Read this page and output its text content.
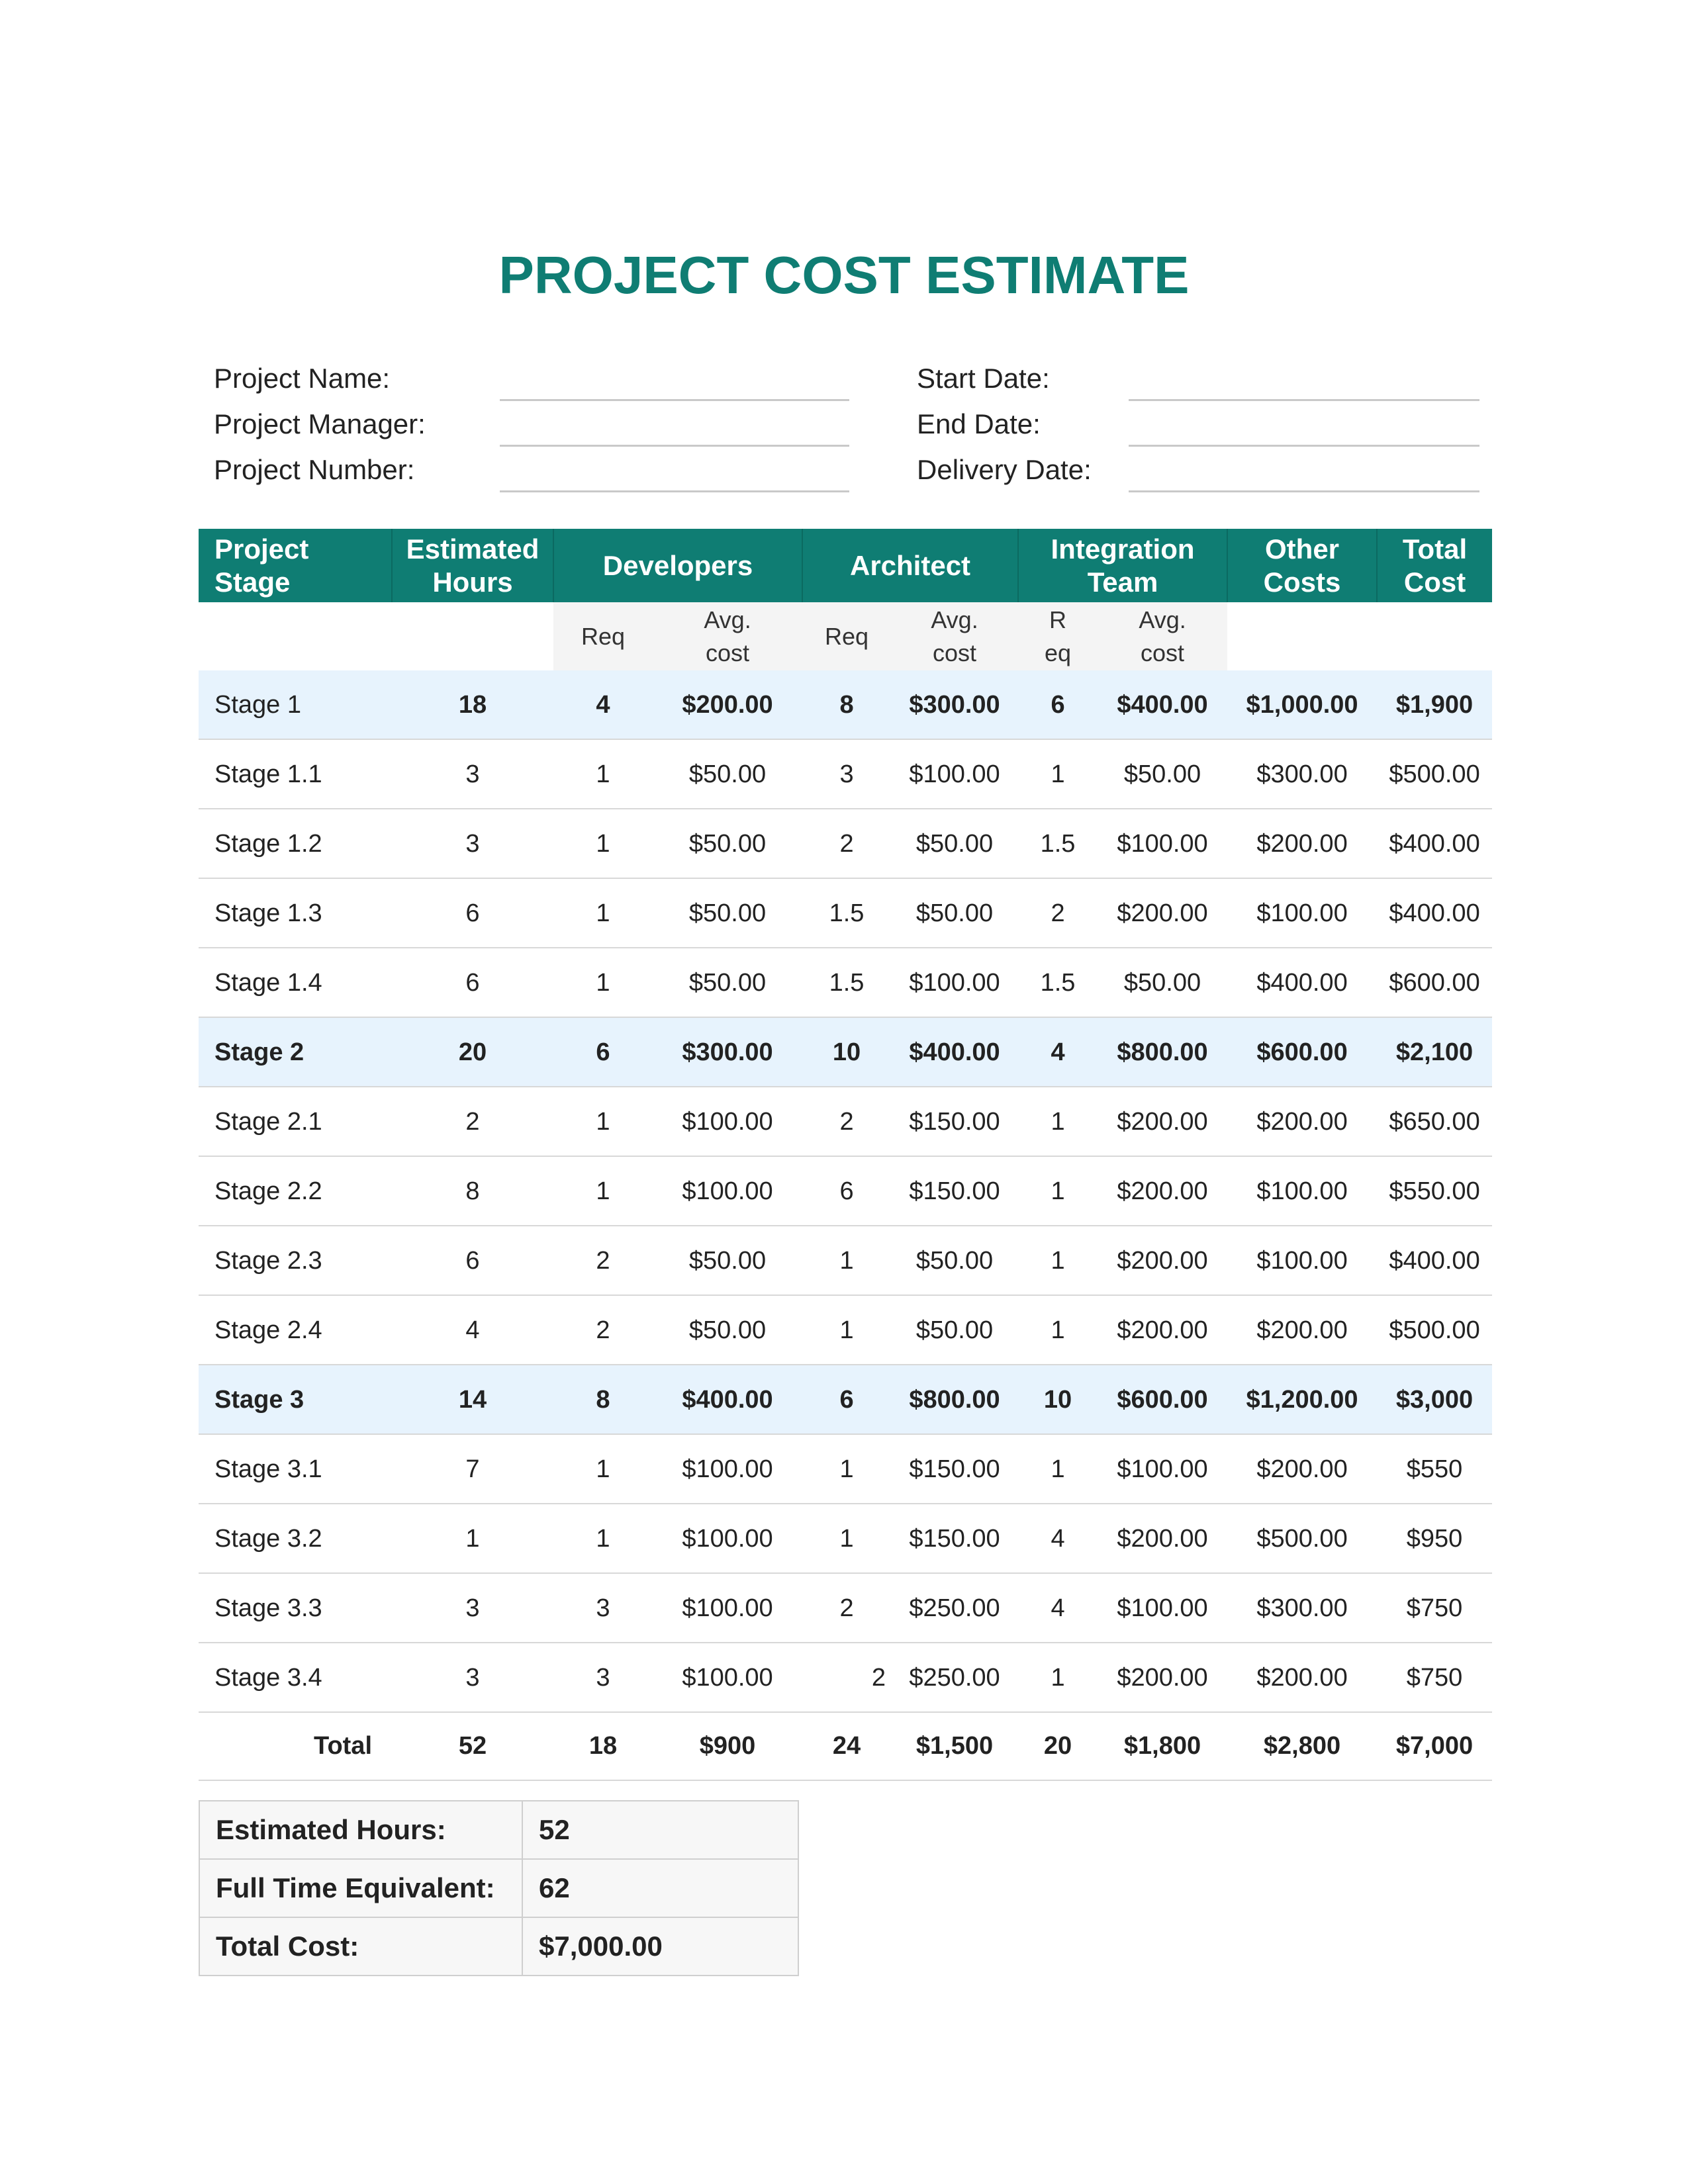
PROJECT COST ESTIMATE
Project Name:
Project Manager:
Project Number:
Start Date:
End Date:
Delivery Date:
Project Stage	Estimated Hours	Developers		Architect		Integration Team		Other Costs	Total Cost
		Req	Avg. cost	Req	Avg. cost	Req	Avg. cost		
Stage 1	18	4	$200.00	8	$300.00	6	$400.00	$1,000.00	$1,900
Stage 1.1	3	1	$50.00	3	$100.00	1	$50.00	$300.00	$500.00
Stage 1.2	3	1	$50.00	2	$50.00	1.5	$100.00	$200.00	$400.00
Stage 1.3	6	1	$50.00	1.5	$50.00	2	$200.00	$100.00	$400.00
Stage 1.4	6	1	$50.00	1.5	$100.00	1.5	$50.00	$400.00	$600.00
Stage 2	20	6	$300.00	10	$400.00	4	$800.00	$600.00	$2,100
Stage 2.1	2	1	$100.00	2	$150.00	1	$200.00	$200.00	$650.00
Stage 2.2	8	1	$100.00	6	$150.00	1	$200.00	$100.00	$550.00
Stage 2.3	6	2	$50.00	1	$50.00	1	$200.00	$100.00	$400.00
Stage 2.4	4	2	$50.00	1	$50.00	1	$200.00	$200.00	$500.00
Stage 3	14	8	$400.00	6	$800.00	10	$600.00	$1,200.00	$3,000
Stage 3.1	7	1	$100.00	1	$150.00	1	$100.00	$200.00	$550
Stage 3.2	1	1	$100.00	1	$150.00	4	$200.00	$500.00	$950
Stage 3.3	3	3	$100.00	2	$250.00	4	$100.00	$300.00	$750
Stage 3.4	3	3	$100.00	2	$250.00	1	$200.00	$200.00	$750
Total	52	18	$900	24	$1,500	20	$1,800	$2,800	$7,000
Estimated Hours:	52
Full Time Equivalent:	62
Total Cost:	$7,000.00
